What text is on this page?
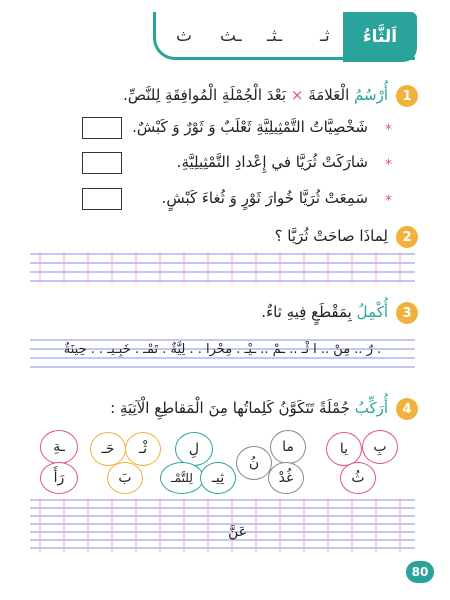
اَلثَّاءُ
ث ـث ـثـ ثـ
1
أُرْسُمُ الْعَلامَةَ × بَعْدَ الْجُمْلَةِ الْمُوافِقَةِ لِلنَّصِّ.
*
شَخْصِيَّاتُ التَّمْثِيلِيَّةِ ثَعْلَبٌ وَ ثَوْرٌ وَ كَبْشٌ.
*
شارَكَتْ ثُرَيَّا في إِعْدادِ التَّمْثِيلِيَّةِ.
*
سَمِعَتْ ثُرَيَّا خُوارَ ثَوْرٍ وَ ثُغاءَ كَبْشٍ.
2
لِماذَا صاحَتْ ثُرَيَّا ؟
3
أُكْمِلُ بِمَقْطَعٍ فِيهِ ثاءٌ.
. رٌ .. مِنْ .. ا ثْـ .. ـمْ .. ـيْـ . مِحْرا . . لِيَّةٌ . تَمْـ . خَبِـيـ . . حِينَةٌ
4
أُرَكِّبُ جُمْلَةً تَتَكَوَّنُ كَلِماتُها مِنَ الْمَقاطِعِ الْآتِيَةِ :
بِ
يا
ثُ
ما
غُدْ
نُ
لِ
لِلتَّمْـ	ثِيـ
ثْـ
حَـ
بَ
ـةِ
رَأَ
عَنَّ
80
